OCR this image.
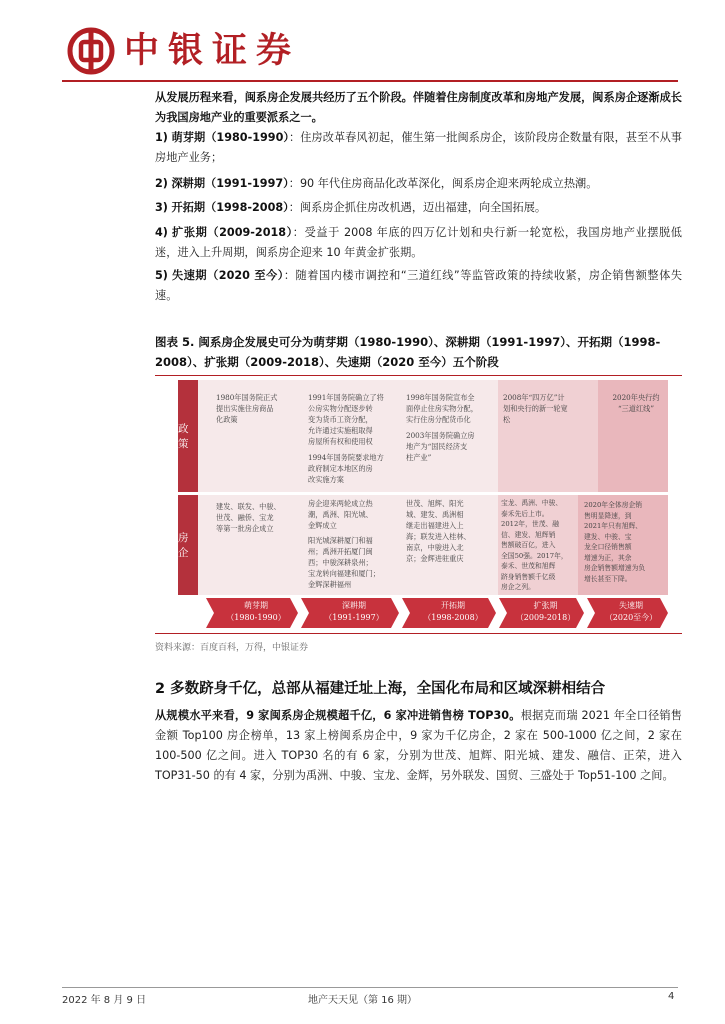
中银证券
从发展历程来看，闽系房企发展共经历了五个阶段。伴随着住房制度改革和房地产发展，闽系房企逐渐成长为我国房地产业的重要派系之一。
1) 萌芽期（1980-1990）：住房改革春风初起，催生第一批闽系房企，该阶段房企数量有限，甚至不从事房地产业务；
2) 深耕期（1991-1997）：90 年代住房商品化改革深化，闽系房企迎来两轮成立热潮。
3) 开拓期（1998-2008）：闽系房企抓住房改机遇，迈出福建，向全国拓展。
4) 扩张期（2009-2018）：受益于 2008 年底的四万亿计划和央行新一轮宽松，我国房地产业摆脱低迷，进入上升周期，闽系房企迎来 10 年黄金扩张期。
5) 失速期（2020 至今）：随着国内楼市调控和“三道红线”等监管政策的持续收紧，房企销售额整体失速。
图表 5. 闽系房企发展史可分为萌芽期（1980-1990）、深耕期（1991-1997）、开拓期（1998-2008）、扩张期（2009-2018）、失速期（2020 至今）五个阶段
政策
房企
1980年国务院正式
提出实施住房商品
化政策
1991年国务院确立了将
公房实物分配逐步转
变为货币工资分配，
允许通过实施租取得
房屋所有权和使用权
1994年国务院要求地方
政府制定本地区的房
改实施方案
1998年国务院宣布全
面停止住房实物分配，
实行住房分配货币化
2003年国务院确立房
地产为“国民经济支
柱产业”
2008年“四万亿”计
划和央行的新一轮宽
松
2020年央行约
“三道红线”
建发、联发、中骏、
世茂、融侨、宝龙
等第一批房企成立
房企迎来两轮成立热
潮，禹洲、阳光城、
金辉成立
阳光城深耕厦门和福
州；禹洲开拓厦门闽
西；中骏深耕泉州；
宝龙转向福建和厦门；
金辉深耕福州
世茂、旭辉、阳光
城、建发、禹洲相
继走出福建进入上
海；联发进入桂林、
南京，中骏进入北
京；金辉进驻重庆
宝龙、禹洲、中骏、
泰禾先后上市。
2012年，世茂、融
信、建发、旭辉销
售额破百亿，进入
全国50强。2017年，
泰禾、世茂和旭辉
跻身销售额千亿级
房企之列。
2020年全体房企销
售明显降速，到
2021年只有旭辉、
建发、中骏、宝
龙全口径销售额
增速为正，其余
房企销售额增速为负
增长甚至下降。
萌芽期
（1980-1990）
深耕期
（1991-1997）
开拓期
（1998-2008）
扩张期
（2009-2018）
失速期
（2020至今）
资料来源：百度百科，万得，中银证券
2 多数跻身千亿，总部从福建迁址上海，全国化布局和区域深耕相结合
从规模水平来看，9 家闽系房企规模超千亿，6 家冲进销售榜 TOP30。根据克而瑞 2021 年全口径销售金额 Top100 房企榜单，13 家上榜闽系房企中，9 家为千亿房企，2 家在 500-1000 亿之间，2 家在 100-500 亿之间。进入 TOP30 名的有 6 家，分别为世茂、旭辉、阳光城、建发、融信、正荣，进入 TOP31-50 的有 4 家，分别为禹洲、中骏、宝龙、金辉，另外联发、国贸、三盛处于 Top51-100 之间。
2022 年 8 月 9 日	地产天天见（第 16 期）	4
